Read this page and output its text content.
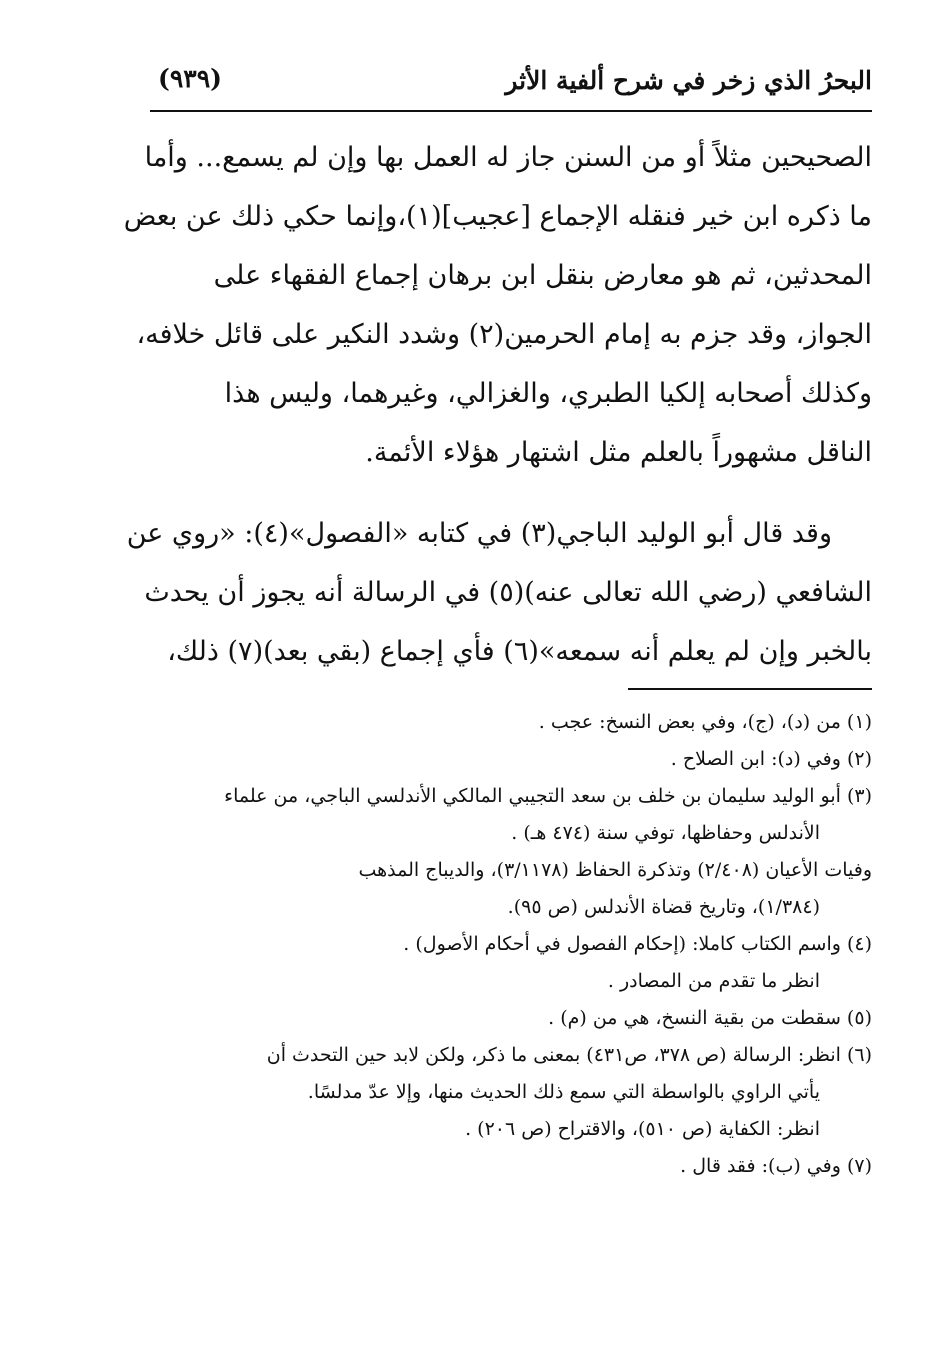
البحرُ الذي زخر في شرح ألفية الأثر
(٩٣٩)
الصحيحين مثلاً أو من السنن جاز له العمل بها وإن لم يسمع... وأما
ما ذكره ابن خير فنقله الإجماع [عجيب](١)،وإنما حكي ذلك عن بعض
المحدثين، ثم هو معارض بنقل ابن برهان إجماع الفقهاء على
الجواز، وقد جزم به إمام الحرمين(٢) وشدد النكير على قائل خلافه،
وكذلك أصحابه إلكيا الطبري، والغزالي، وغيرهما، وليس هذا
الناقل مشهوراً بالعلم مثل اشتهار هؤلاء الأئمة.
وقد قال أبو الوليد الباجي(٣) في كتابه «الفصول»(٤): «روي عن
الشافعي (رضي الله تعالى عنه)(٥) في الرسالة أنه يجوز أن يحدث
بالخبر وإن لم يعلم أنه سمعه»(٦) فأي إجماع (بقي بعد)(٧) ذلك،
(١) من (د)، (ج)، وفي بعض النسخ: عجب .
(٢) وفي (د): ابن الصلاح .
(٣) أبو الوليد سليمان بن خلف بن سعد التجيبي المالكي الأندلسي الباجي، من علماء
الأندلس وحفاظها، توفي سنة (٤٧٤ هـ) .
وفيات الأعيان (٢/٤٠٨) وتذكرة الحفاظ (٣/١١٧٨)، والديباج المذهب
(١/٣٨٤)، وتاريخ قضاة الأندلس (ص ٩٥).
(٤) واسم الكتاب كاملا: (إحكام الفصول في أحكام الأصول) .
انظر ما تقدم من المصادر .
(٥) سقطت من بقية النسخ، هي من (م) .
(٦) انظر: الرسالة (ص ٣٧٨، ص٤٣١) بمعنى ما ذكر، ولكن لابد حين التحدث أن
يأتي الراوي بالواسطة التي سمع ذلك الحديث منها، وإلا عدّ مدلسًا.
انظر: الكفاية (ص ٥١٠)، والاقتراح (ص ٢٠٦) .
(٧) وفي (ب): فقد قال .
